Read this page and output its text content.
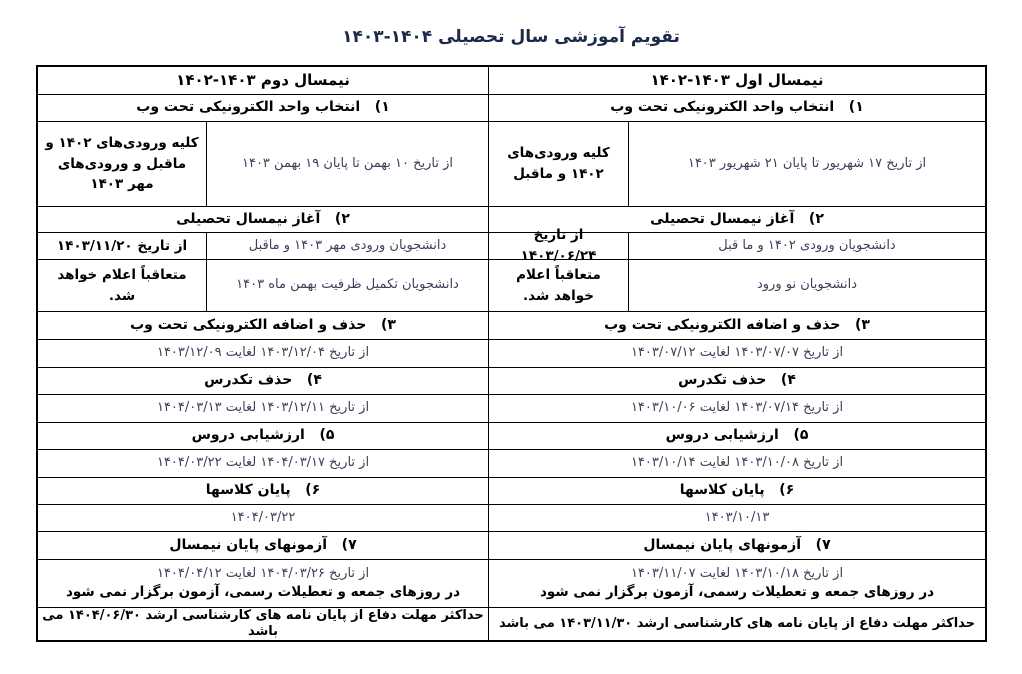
تقویم آموزشی سال تحصیلی ۱۴۰۴-۱۴۰۳
نیمسال اول ۱۴۰۳-۱۴۰۲
۱)   انتخاب واحد الکترونیکی تحت وب
از تاریخ ۱۷ شهریور تا پایان ۲۱ شهریور ۱۴۰۳
کلیه ورودی‌های ۱۴۰۲ و ماقبل
۲)   آغاز نیمسال تحصیلی
دانشجویان ورودی ۱۴۰۲ و ما قبل
از تاریخ ۱۴۰۳/۰۶/۲۴
دانشجویان نو ورود
متعاقباً اعلام خواهد شد.
۳)   حذف و اضافه الکترونیکی تحت وب
از تاریخ ۱۴۰۳/۰۷/۰۷ لغایت ۱۴۰۳/۰۷/۱۲
۴)   حذف تکدرس
از تاریخ ۱۴۰۳/۰۷/۱۴ لغایت ۱۴۰۳/۱۰/۰۶
۵)   ارزشیابی دروس
از تاریخ ۱۴۰۳/۱۰/۰۸ لغایت ۱۴۰۳/۱۰/۱۴
۶)   پایان کلاسها
۱۴۰۳/۱۰/۱۳
۷)   آزمونهای پایان نیمسال
از تاریخ ۱۴۰۳/۱۰/۱۸ لغایت ۱۴۰۳/۱۱/۰۷
در روزهای جمعه و تعطیلات رسمی، آزمون برگزار نمی شود
حداکثر مهلت دفاع از پایان نامه های کارشناسی ارشد ۱۴۰۳/۱۱/۳۰ می باشد
نیمسال دوم ۱۴۰۳-۱۴۰۲
۱)   انتخاب واحد الکترونیکی تحت وب
از تاریخ ۱۰ بهمن تا پایان ۱۹ بهمن ۱۴۰۳
کلیه ورودی‌های ۱۴۰۲ و ماقبل و ورودی‌های مهر ۱۴۰۳
۲)   آغاز نیمسال تحصیلی
دانشجویان ورودی مهر ۱۴۰۳ و ماقبل
از تاریخ ۱۴۰۳/۱۱/۲۰
دانشجویان تکمیل ظرفیت بهمن ماه ۱۴۰۳
متعاقباً اعلام خواهد شد.
۳)   حذف و اضافه الکترونیکی تحت وب
از تاریخ ۱۴۰۳/۱۲/۰۴ لغایت ۱۴۰۳/۱۲/۰۹
۴)   حذف تکدرس
از تاریخ ۱۴۰۳/۱۲/۱۱ لغایت ۱۴۰۴/۰۳/۱۳
۵)   ارزشیابی دروس
از تاریخ ۱۴۰۴/۰۳/۱۷ لغایت ۱۴۰۴/۰۳/۲۲
۶)   پایان کلاسها
۱۴۰۴/۰۳/۲۲
۷)   آزمونهای پایان نیمسال
از تاریخ ۱۴۰۴/۰۳/۲۶ لغایت ۱۴۰۴/۰۴/۱۲
در روزهای جمعه و تعطیلات رسمی، آزمون برگزار نمی شود
حداکثر مهلت دفاع از پایان نامه های کارشناسی ارشد ۱۴۰۴/۰۶/۳۰ می باشد
